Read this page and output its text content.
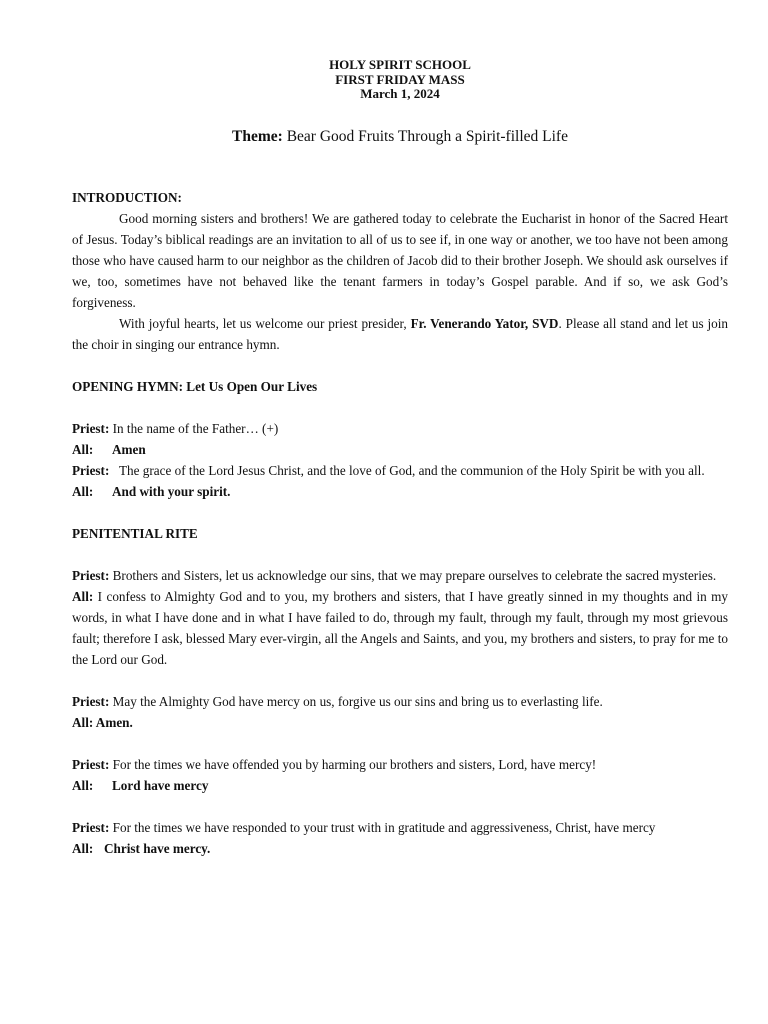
HOLY SPIRIT SCHOOL
FIRST FRIDAY MASS
March 1, 2024
Theme: Bear Good Fruits Through a Spirit-filled Life

INTRODUCTION:

Good morning sisters and brothers! We are gathered today to celebrate the Eucharist in honor of the Sacred Heart of Jesus. Today’s biblical readings are an invitation to all of us to see if, in one way or another, we too have not been among those who have caused harm to our neighbor as the children of Jacob did to their brother Joseph. We should ask ourselves if we, too, sometimes have not behaved like the tenant farmers in today’s Gospel parable. And if so, we ask God’s forgiveness.

With joyful hearts, let us welcome our priest presider, Fr. Venerando Yator, SVD. Please all stand and let us join the choir in singing our entrance hymn.

OPENING HYMN: Let Us Open Our Lives

Priest: In the name of the Father… (+)

All:	Amen
Priest: The grace of the Lord Jesus Christ, and the love of God, and the communion of the Holy Spirit be with you all.
All:	And with your spirit.

PENITENTIAL RITE

Priest: Brothers and Sisters, let us acknowledge our sins, that we may prepare ourselves to celebrate the sacred mysteries.

All: I confess to Almighty God and to you, my brothers and sisters, that I have greatly sinned in my thoughts and in my words, in what I have done and in what I have failed to do, through my fault, through my fault, through my most grievous fault; therefore I ask, blessed Mary ever-virgin, all the Angels and Saints, and you, my brothers and sisters, to pray for me to the Lord our God.

Priest: May the Almighty God have mercy on us, forgive us our sins and bring us to everlasting life.

All: Amen.

Priest: For the times we have offended you by harming our brothers and sisters, Lord, have mercy!

All:	Lord have mercy

Priest: For the times we have responded to your trust with in gratitude and aggressiveness, Christ, have mercy

All: Christ have mercy.
